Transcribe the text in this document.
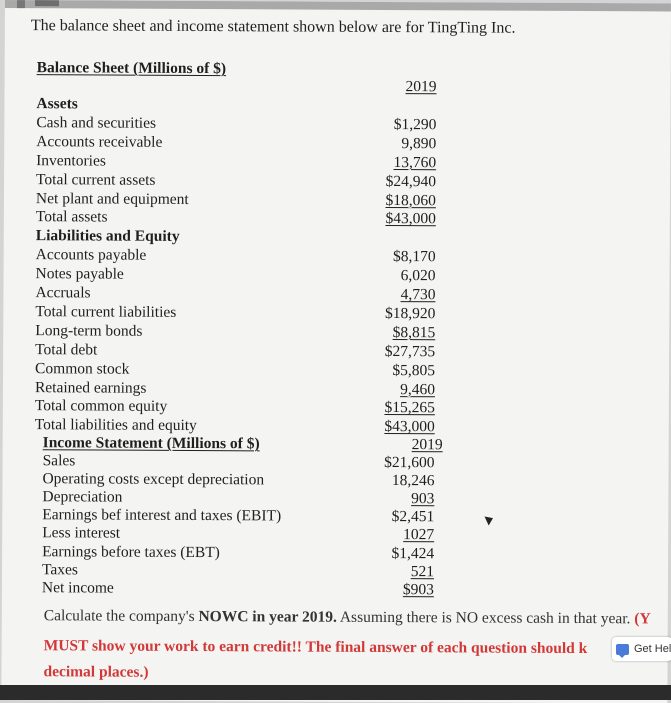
The balance sheet and income statement shown below are for TingTing Inc.
Balance Sheet (Millions of $)
2019
Assets
Cash and securities	$1,290
Accounts receivable	9,890
Inventories	13,760
Total current assets	$24,940
Net plant and equipment	$18,060
Total assets	$43,000
Liabilities and Equity
Accounts payable	$8,170
Notes payable	6,020
Accruals	4,730
Total current liabilities	$18,920
Long-term bonds	$8,815
Total debt	$27,735
Common stock	$5,805
Retained earnings	9,460
Total common equity	$15,265
Total liabilities and equity	$43,000
Income Statement (Millions of $)	2019
Sales	$21,600
Operating costs except depreciation	18,246
Depreciation	903
Earnings bef interest and taxes (EBIT)	$2,451
Less interest	1027
Earnings before taxes (EBT)	$1,424
Taxes	521
Net income	$903
Calculate the company's NOWC in year 2019. Assuming there is NO excess cash in that year. (Y
MUST show your work to earn credit!! The final answer of each question should k
decimal places.)
Get Hel
